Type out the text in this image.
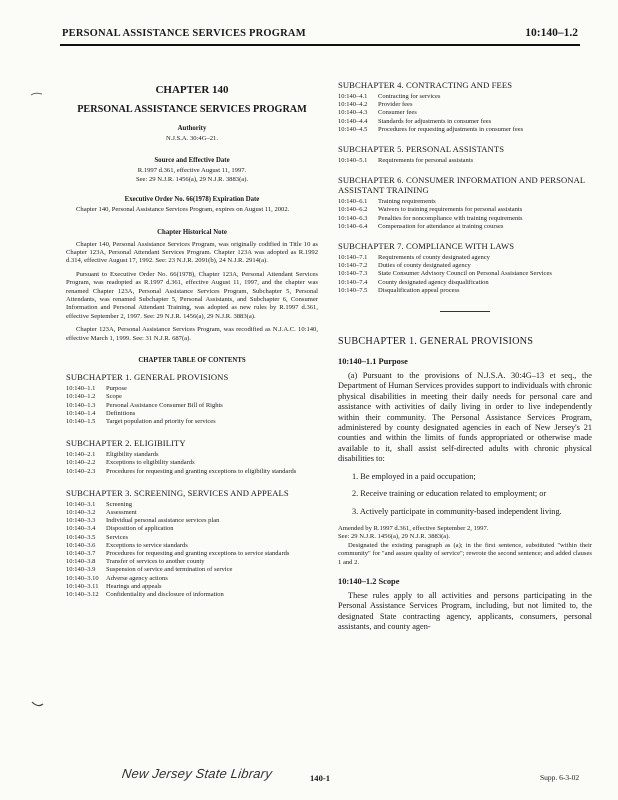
PERSONAL ASSISTANCE SERVICES PROGRAM	10:140–1.2
CHAPTER 140
PERSONAL ASSISTANCE SERVICES PROGRAM
Authority
N.J.S.A. 30:4G–21.
Source and Effective Date
R.1997 d.361, effective August 11, 1997.
See: 29 N.J.R. 1456(a), 29 N.J.R. 3883(a).
Executive Order No. 66(1978) Expiration Date
Chapter 140, Personal Assistance Services Program, expires on August 11, 2002.
Chapter Historical Note
Chapter 140, Personal Assistance Services Program, was originally codified in Title 10 as Chapter 123A, Personal Attendant Services Program. Chapter 123A was adopted as R.1992 d.314, effective August 17, 1992. See: 23 N.J.R. 2091(b), 24 N.J.R. 2914(a).
Pursuant to Executive Order No. 66(1978), Chapter 123A, Personal Attendant Services Program, was readopted as R.1997 d.361, effective August 11, 1997, and the chapter was renamed Chapter 123A, Personal Assistance Services Program, Subchapter 5, Personal Attendants, was renamed Subchapter 5, Personal Assistants, and Subchapter 6, Consumer Information and Personal Attendant Training, was adopted as new rules by R.1997 d.361, effective September 2, 1997. See: 29 N.J.R. 1456(a), 29 N.J.R. 3883(a).
Chapter 123A, Personal Assistance Services Program, was recodified as N.J.A.C. 10:140, effective March 1, 1999. See: 31 N.J.R. 687(a).
CHAPTER TABLE OF CONTENTS
SUBCHAPTER 1. GENERAL PROVISIONS
10:140–1.1	Purpose
10:140–1.2	Scope
10:140–1.3	Personal Assistance Consumer Bill of Rights
10:140–1.4	Definitions
10:140–1.5	Target population and priority for services
SUBCHAPTER 2. ELIGIBILITY
10:140–2.1	Eligibility standards
10:140–2.2	Exceptions to eligibility standards
10:140–2.3	Procedures for requesting and granting exceptions to eligibility standards
SUBCHAPTER 3. SCREENING, SERVICES AND APPEALS
10:140–3.1	Screening
10:140–3.2	Assessment
10:140–3.3	Individual personal assistance services plan
10:140–3.4	Disposition of application
10:140–3.5	Services
10:140–3.6	Exceptions to service standards
10:140–3.7	Procedures for requesting and granting exceptions to service standards
10:140–3.8	Transfer of services to another county
10:140–3.9	Suspension of service and termination of service
10:140–3.10	Adverse agency actions
10:140–3.11	Hearings and appeals
10:140–3.12	Confidentiality and disclosure of information
SUBCHAPTER 4. CONTRACTING AND FEES
10:140–4.1	Contracting for services
10:140–4.2	Provider fees
10:140–4.3	Consumer fees
10:140–4.4	Standards for adjustments in consumer fees
10:140–4.5	Procedures for requesting adjustments in consumer fees
SUBCHAPTER 5. PERSONAL ASSISTANTS
10:140–5.1	Requirements for personal assistants
SUBCHAPTER 6. CONSUMER INFORMATION AND PERSONAL ASSISTANT TRAINING
10:140–6.1	Training requirements
10:140–6.2	Waivers to training requirements for personal assistants
10:140–6.3	Penalties for noncompliance with training requirements
10:140–6.4	Compensation for attendance at training courses
SUBCHAPTER 7. COMPLIANCE WITH LAWS
10:140–7.1	Requirements of county designated agency
10:140–7.2	Duties of county designated agency
10:140–7.3	State Consumer Advisory Council on Personal Assistance Services
10:140–7.4	County designated agency disqualification
10:140–7.5	Disqualification appeal process
SUBCHAPTER 1. GENERAL PROVISIONS
10:140–1.1 Purpose
(a) Pursuant to the provisions of N.J.S.A. 30:4G–13 et seq., the Department of Human Services provides support to individuals with chronic physical disabilities in meeting their daily needs for personal care and assistance with activities of daily living in order to live independently within their community. The Personal Assistance Services Program, administered by county designated agencies in each of New Jersey's 21 counties and within the limits of funds appropriated or otherwise made available to it, shall assist self-directed adults with chronic physical disabilities to:
1. Be employed in a paid occupation;
2. Receive training or education related to employment; or
3. Actively participate in community-based independent living.
Amended by R.1997 d.361, effective September 2, 1997.
See: 29 N.J.R. 1456(a), 29 N.J.R. 3883(a).
Designated the existing paragraph as (a); in the first sentence, substituted "within their community" for "and assure quality of service"; rewrote the second sentence; and added clauses 1 and 2.
10:140–1.2 Scope
These rules apply to all activities and persons participating in the Personal Assistance Services Program, including, but not limited to, the designated State contracting agency, applicants, consumers, personal assistants, and county agen-
New Jersey State Library	140-1	Supp. 6-3-02
